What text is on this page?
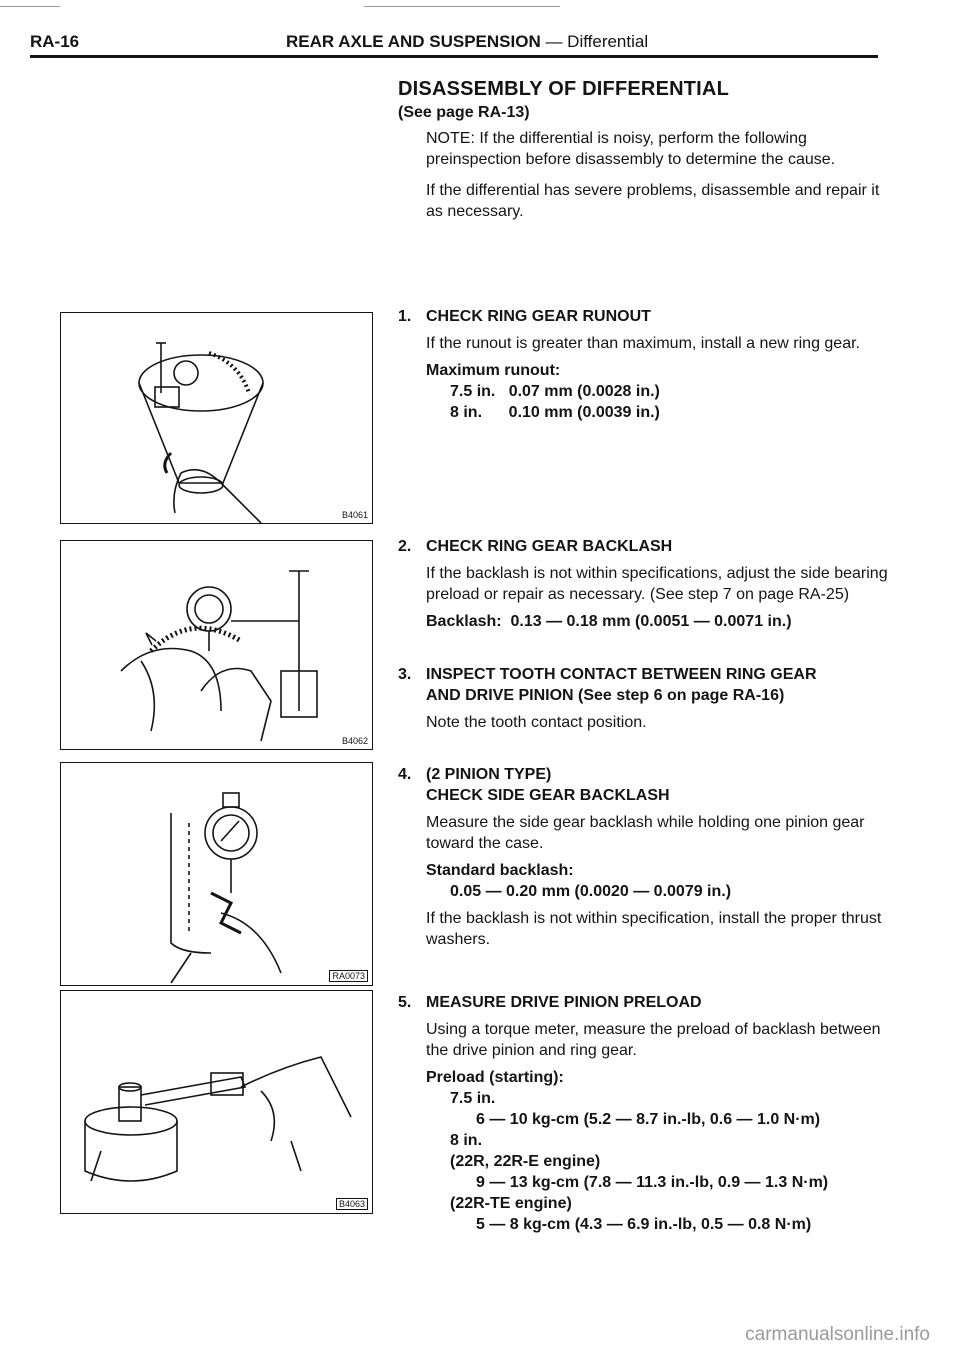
RA-16	REAR AXLE AND SUSPENSION — Differential
DISASSEMBLY OF DIFFERENTIAL
(See page RA-13)
NOTE: If the differential is noisy, perform the following preinspection before disassembly to determine the cause.
If the differential has severe problems, disassemble and repair it as necessary.
1. CHECK RING GEAR RUNOUT

If the runout is greater than maximum, install a new ring gear.

Maximum runout:

7.5 in.   0.07 mm (0.0028 in.)
8 in.      0.10 mm (0.0039 in.)
2. CHECK RING GEAR BACKLASH

If the backlash is not within specifications, adjust the side bearing preload or repair as necessary. (See step 7 on page RA-25)

Backlash: 0.13 — 0.18 mm (0.0051 — 0.0071 in.)

3. INSPECT TOOTH CONTACT BETWEEN RING GEAR

AND DRIVE PINION (See step 6 on page RA-16)

Note the tooth contact position.

4. (2 PINION TYPE)

CHECK SIDE GEAR BACKLASH

Measure the side gear backlash while holding one pinion gear toward the case.

Standard backlash:

0.05 — 0.20 mm (0.0020 — 0.0079 in.)

If the backlash is not within specification, install the proper thrust washers.

5. MEASURE DRIVE PINION PRELOAD

Using a torque meter, measure the preload of backlash between the drive pinion and ring gear.

Preload (starting):
7.5 in.
6 — 10 kg-cm (5.2 — 8.7 in.-lb, 0.6 — 1.0 N·m)
8 in.
(22R, 22R-E engine)
9 — 13 kg-cm (7.8 — 11.3 in.-lb, 0.9 — 1.3 N·m)
(22R-TE engine)
5 — 8 kg-cm (4.3 — 6.9 in.-lb, 0.5 — 0.8 N·m)
B4061
B4062
RA0073
B4063
carmanualsonline.info
